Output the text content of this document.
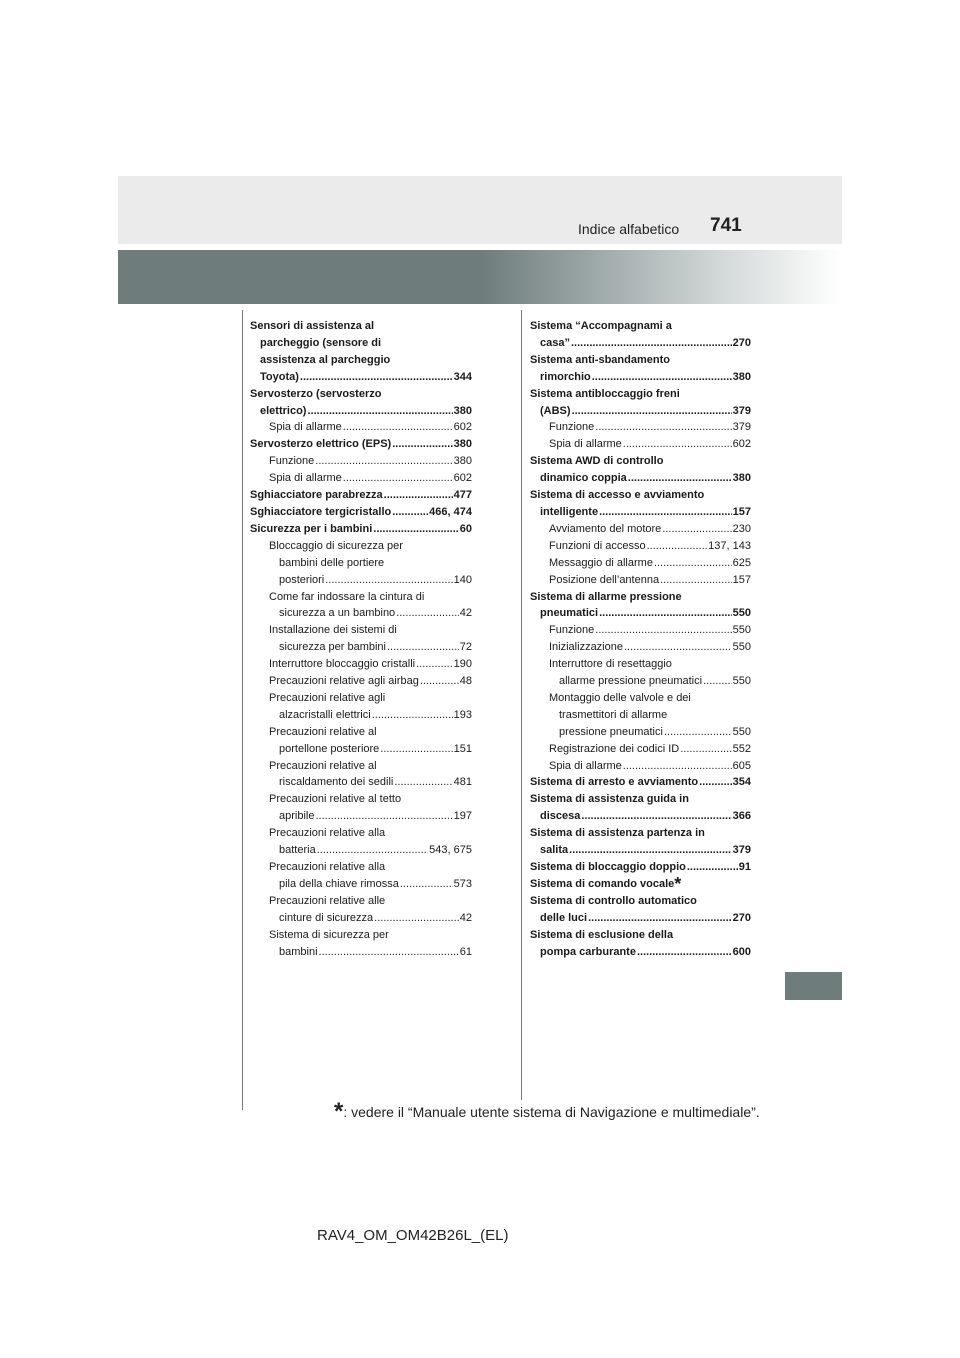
741
Indice alfabetico
Sensori di assistenza al
parcheggio (sensore di
assistenza al parcheggio
Toyota) .....	344
Servosterzo (servosterzo
elettrico) .....	380
Spia di allarme .....	602
Servosterzo elettrico (EPS) .....	380
Funzione .....	380
Spia di allarme .....	602
Sghiacciatore parabrezza .....	477
Sghiacciatore tergicristallo .....	466, 474
Sicurezza per i bambini .....	60
Bloccaggio di sicurezza per
bambini delle portiere
posteriori .....	140
Come far indossare la cintura di
sicurezza a un bambino .....	42
Installazione dei sistemi di
sicurezza per bambini .....	72
Interruttore bloccaggio cristalli .....	190
Precauzioni relative agli airbag .....	48
Precauzioni relative agli
alzacristalli elettrici .....	193
Precauzioni relative al
portellone posteriore .....	151
Precauzioni relative al
riscaldamento dei sedili .....	481
Precauzioni relative al tetto
apribile .....	197
Precauzioni relative alla
batteria .....	543, 675
Precauzioni relative alla
pila della chiave rimossa .....	573
Precauzioni relative alle
cinture di sicurezza .....	42
Sistema di sicurezza per
bambini .....	61
Sistema “Accompagnami a
casa” .....	270
Sistema anti-sbandamento
rimorchio .....	380
Sistema antibloccaggio freni
(ABS) .....	379
Funzione .....	379
Spia di allarme .....	602
Sistema AWD di controllo
dinamico coppia .....	380
Sistema di accesso e avviamento
intelligente .....	157
Avviamento del motore .....	230
Funzioni di accesso .....	137, 143
Messaggio di allarme .....	625
Posizione dell’antenna .....	157
Sistema di allarme pressione
pneumatici .....	550
Funzione .....	550
Inizializzazione .....	550
Interruttore di resettaggio
allarme pressione pneumatici .....	550
Montaggio delle valvole e dei
trasmettitori di allarme
pressione pneumatici .....	550
Registrazione dei codici ID .....	552
Spia di allarme .....	605
Sistema di arresto e avviamento .....	354
Sistema di assistenza guida in
discesa .....	366
Sistema di assistenza partenza in
salita .....	379
Sistema di bloccaggio doppio .....	91
Sistema di comando vocale*
Sistema di controllo automatico
delle luci .....	270
Sistema di esclusione della
pompa carburante .....	600
*: vedere il “Manuale utente sistema di Navigazione e multimediale”.
RAV4_OM_OM42B26L_(EL)
